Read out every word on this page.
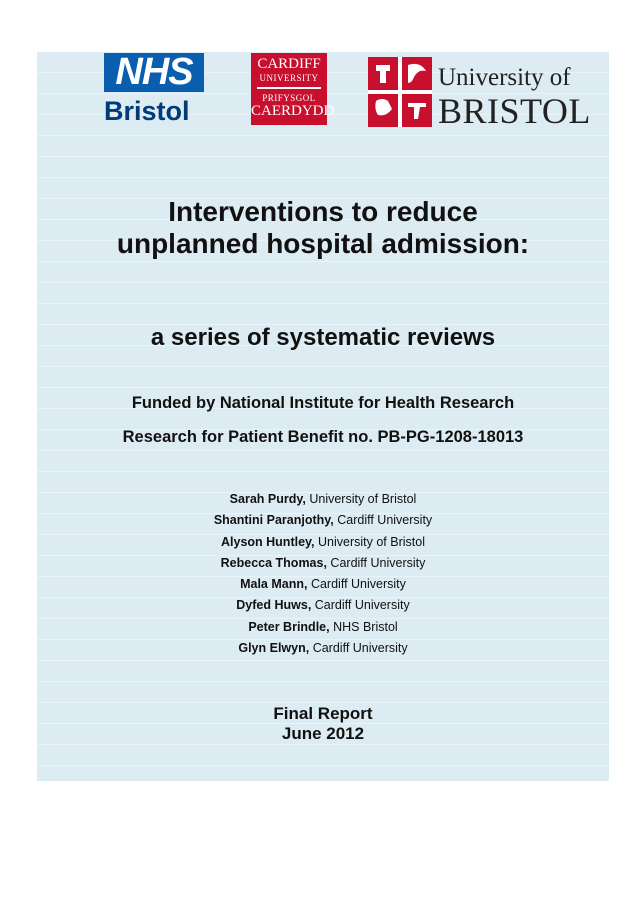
NHS
Bristol
CARDIFF
UNIVERSITY
PRIFYSGOL
CAERDYDD
University of
BRISTOL
Interventions to reduce
unplanned hospital admission:
a series of systematic reviews
Funded by National Institute for Health Research
Research for Patient Benefit no. PB-PG-1208-18013
Sarah Purdy, University of Bristol
Shantini Paranjothy, Cardiff University
Alyson Huntley, University of Bristol
Rebecca Thomas, Cardiff University
Mala Mann, Cardiff University
Dyfed Huws, Cardiff University
Peter Brindle, NHS Bristol
Glyn Elwyn, Cardiff University
Final Report
June 2012
